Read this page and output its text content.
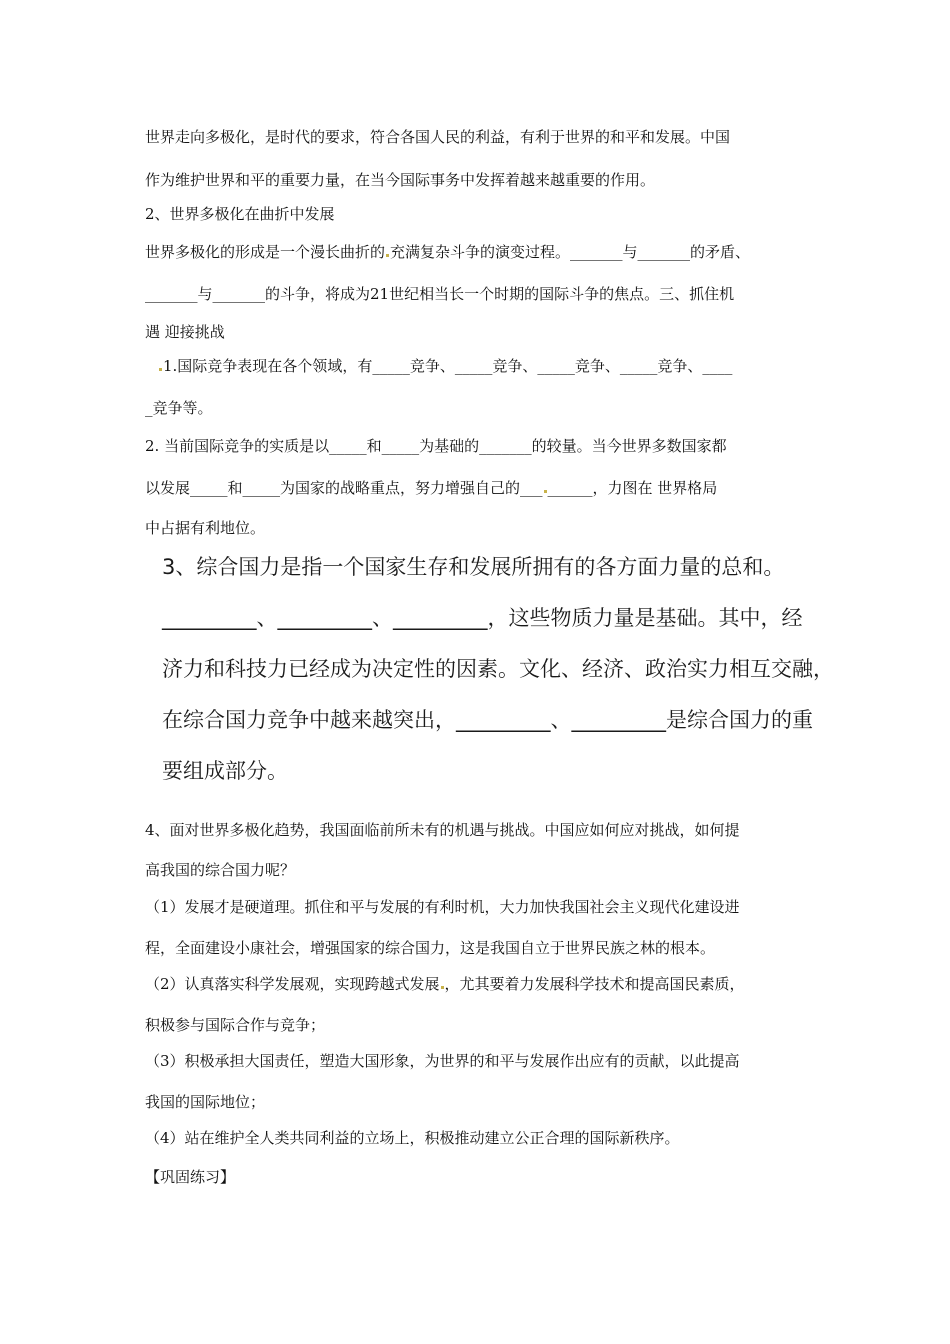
世界走向多极化，是时代的要求，符合各国人民的利益，有利于世界的和平和发展。中国
作为维护世界和平的重要力量，在当今国际事务中发挥着越来越重要的作用。
2、世界多极化在曲折中发展
世界多极化的形成是一个漫长曲折的 充满复杂斗争的演变过程。_______与_______的矛盾、
_______与_______的斗争，将成为21世纪相当长一个时期的国际斗争的焦点。三、抓住机
遇 迎接挑战
1.国际竞争表现在各个领域，有_____竞争、_____竞争、_____竞争、_____竞争、____
_竞争等。
2. 当前国际竞争的实质是以_____和_____为基础的_______的较量。当今世界多数国家都
以发展_____和_____为国家的战略重点，努力增强自己的___ ______，力图在 世界格局
中占据有利地位。
3、综合国力是指一个国家生存和发展所拥有的各方面力量的总和。
_________、_________、_________，这些物质力量是基础。其中，经
济力和科技力已经成为决定性的因素。文化、经济、政治实力相互交融，
在综合国力竞争中越来越突出，_________、_________是综合国力的重
要组成部分。
4、面对世界多极化趋势，我国面临前所未有的机遇与挑战。中国应如何应对挑战，如何提
高我国的综合国力呢？
（1）发展才是硬道理。抓住和平与发展的有利时机，大力加快我国社会主义现代化建设进
程，全面建设小康社会，增强国家的综合国力，这是我国自立于世界民族之林的根本。
（2）认真落实科学发展观，实现跨越式发展 ，尤其要着力发展科学技术和提高国民素质，
积极参与国际合作与竞争；
（3）积极承担大国责任，塑造大国形象，为世界的和平与发展作出应有的贡献，以此提高
我国的国际地位；
（4）站在维护全人类共同利益的立场上，积极推动建立公正合理的国际新秩序。
【巩固练习】
